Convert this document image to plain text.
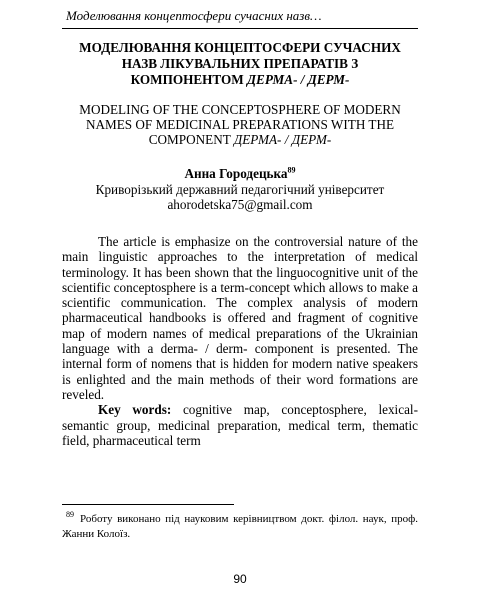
Моделювання концептосфери сучасних назв…
МОДЕЛЮВАННЯ КОНЦЕПТОСФЕРИ СУЧАСНИХ
НАЗВ ЛІКУВАЛЬНИХ ПРЕПАРАТІВ З
КОМПОНЕНТОМ ДЕРМА- / ДЕРМ-
MODELING OF THE CONCEPTOSPHERE OF MODERN
NAMES OF MEDICINAL PREPARATIONS WITH THE
COMPONENT ДЕРМА- / ДЕРМ-
Анна Городецька$^{89}$
Криворізький державний педагогічний університет
ahorodetska75@gmail.com

The article is emphasize on the controversial nature of the main linguistic approaches to the interpretation of medical terminology. It has been shown that the linguocognitive unit of the scientific conceptosphere is a term-concept which allows to make a scientific communication. The complex analysis of modern pharmaceutical handbooks is offered and fragment of cognitive map of modern names of medical preparations of the Ukrainian language with a derma- / derm- component is presented. The internal form of nomens that is hidden for modern native speakers is enlighted and the main methods of their word formations are reveled.

Key words: cognitive map, conceptosphere, lexical-semantic group, medicinal preparation, medical term, thematic field, pharmaceutical term

$^{89}$ Роботу виконано під науковим керівництвом докт. філол. наук, проф. Жанни Колоїз.
90
